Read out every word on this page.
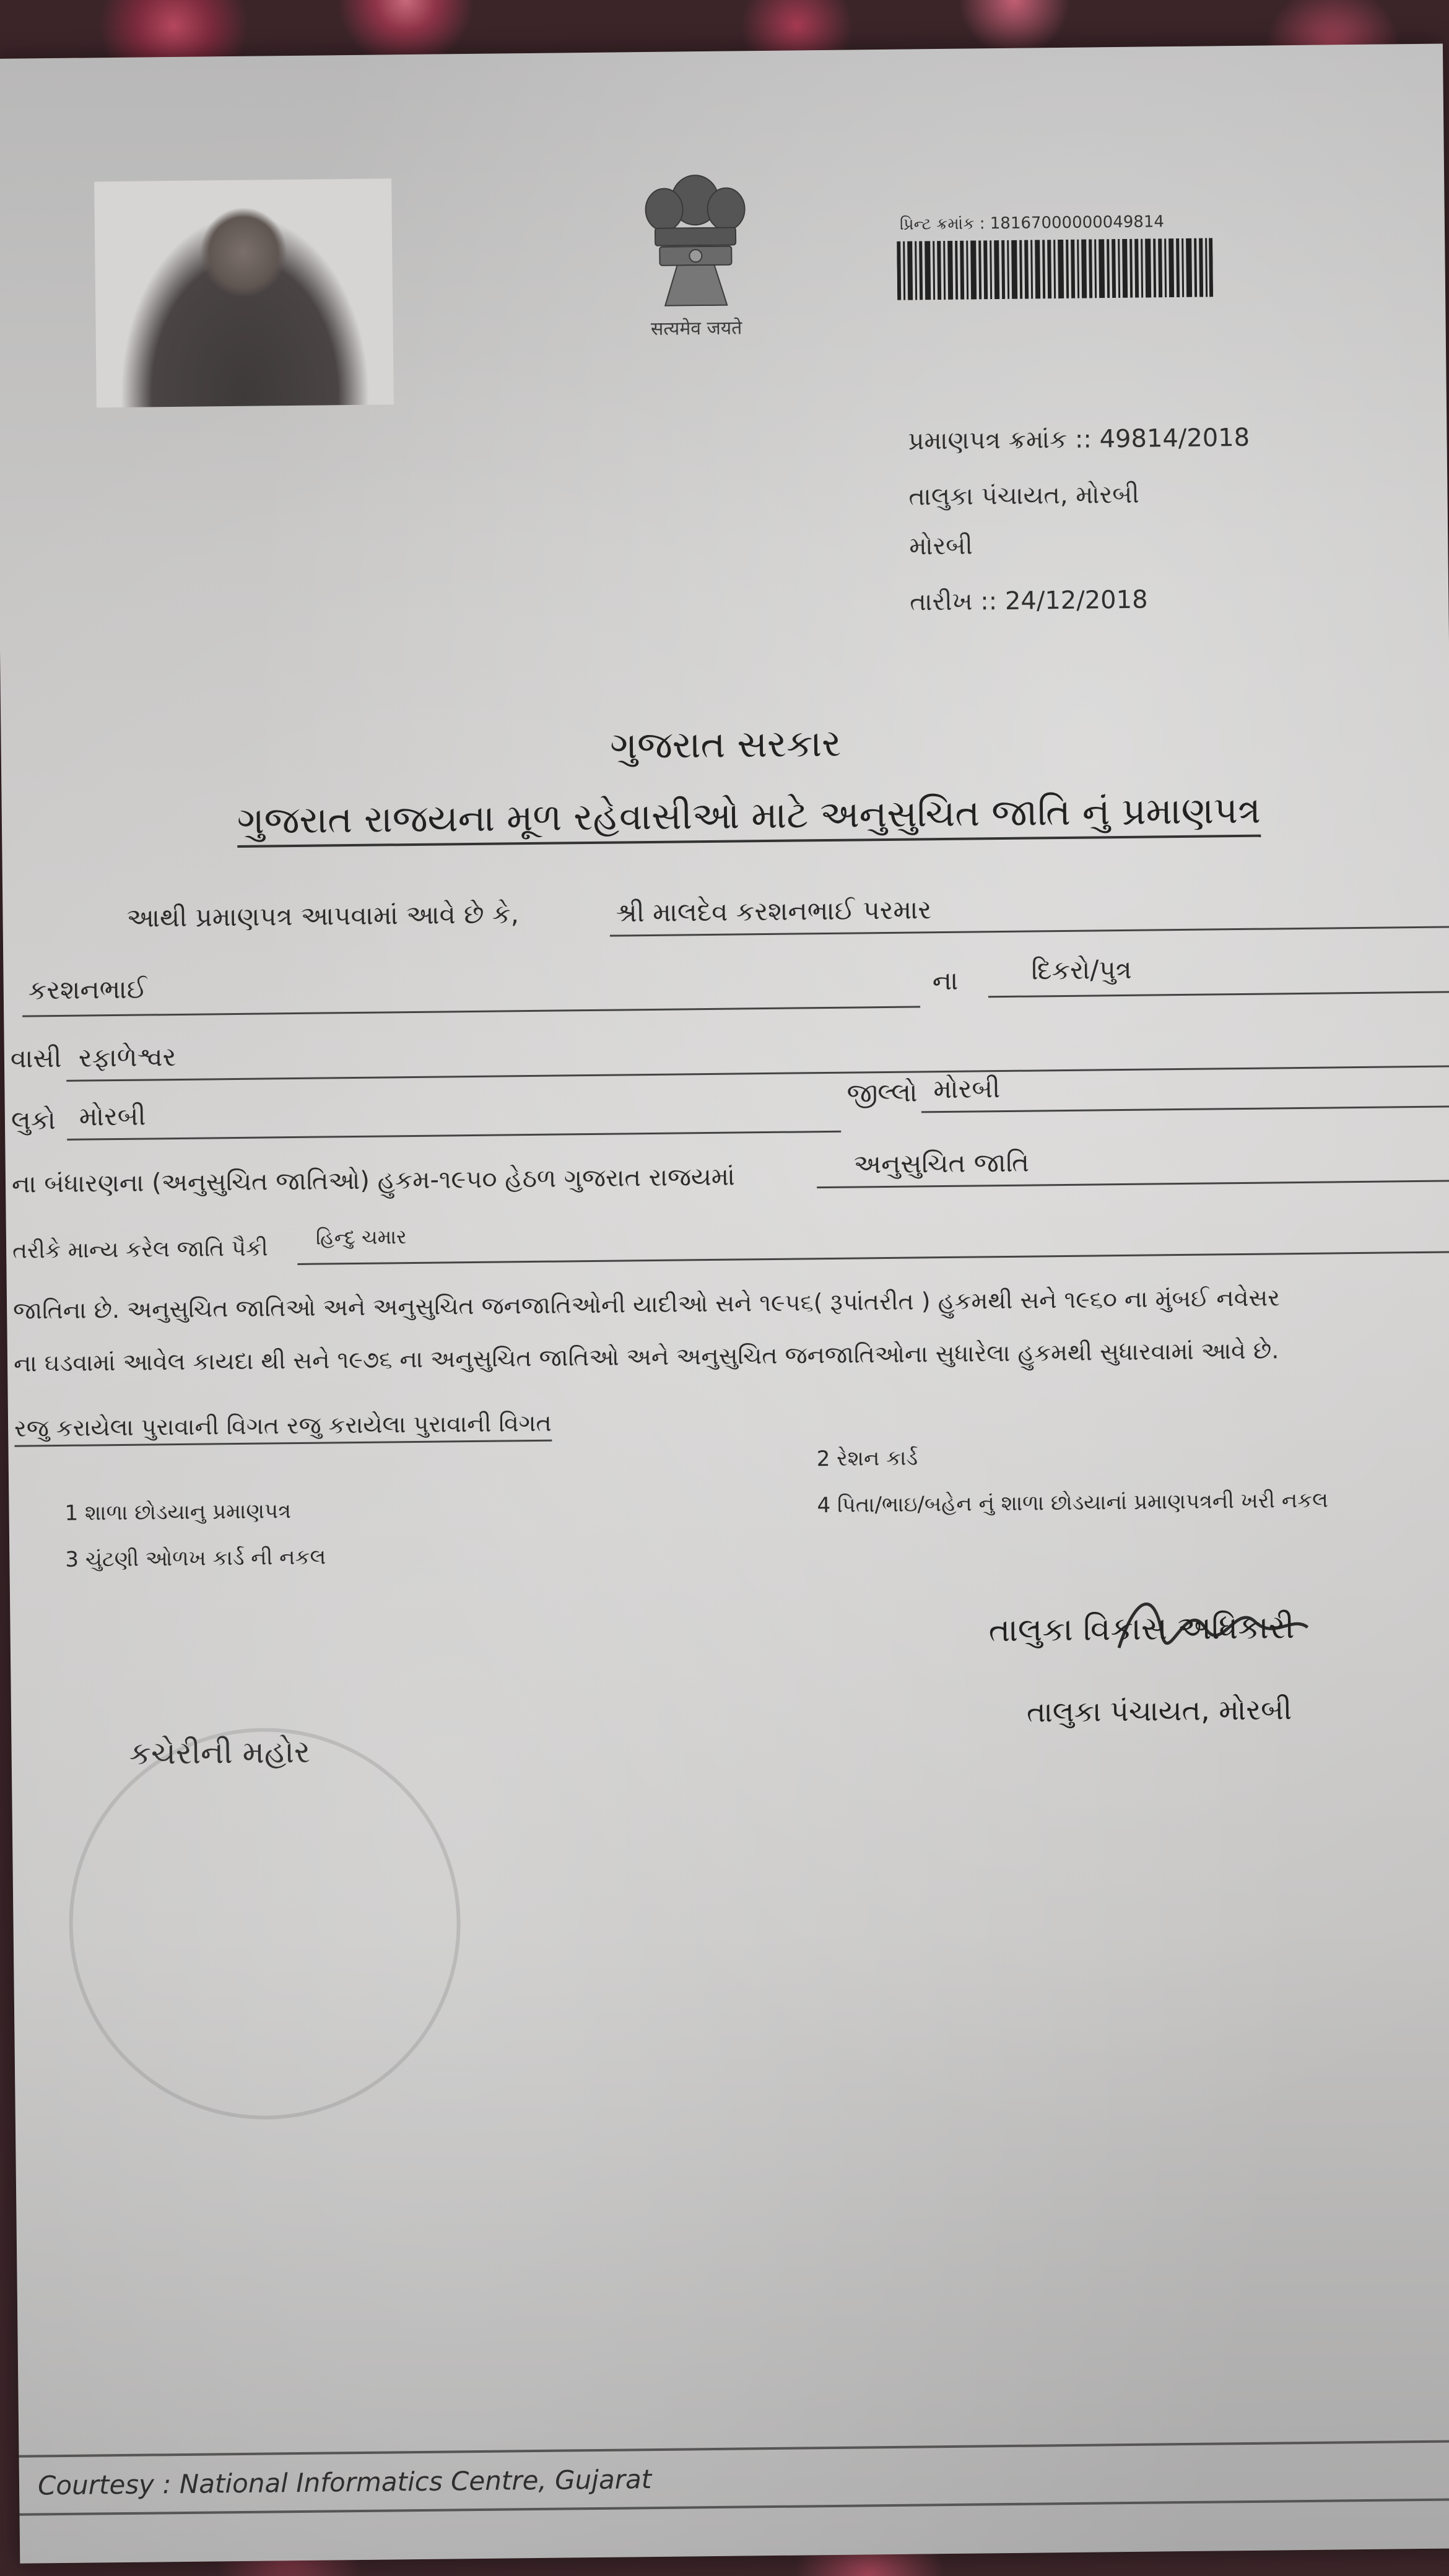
सत्यमेव जयते
પ્રિન્ટ ક્રમાંક : 18167000000049814
પ્રમાણપત્ર ક્રમાંક :: 49814/2018
તાલુકા પંચાયત, મોરબી
મોરબી
તારીખ :: 24/12/2018
ગુજરાત સરકાર
ગુજરાત રાજયના મૂળ રહેવાસીઓ માટે અનુસુચિત જાતિ નું પ્રમાણપત્ર
આથી પ્રમાણપત્ર આપવામાં આવે છે કે,	શ્રી માલદેવ કરશનભાઈ પરમાર
કરશનભાઈ	ના	દિકરો/પુત્ર
વાસી રફાળેશ્વર
લુકો મોરબી
જીલ્લો મોરબી
ના બંધારણના (અનુસુચિત જાતિઓ) હુકમ-૧૯૫૦ હેઠળ ગુજરાત રાજયમાં	અનુસુચિત જાતિ
તરીકે માન્ય કરેલ જાતિ પૈકી હિન્દુ ચમાર
જાતિના છે. અનુસુચિત જાતિઓ અને અનુસુચિત જનજાતિઓની યાદીઓ સને ૧૯૫૬( રૂપાંતરીત ) હુકમથી સને ૧૯૬૦ ના મુંબઈ નવેસર
ના ઘડવામાં આવેલ કાયદા થી સને ૧૯૭૬ ના અનુસુચિત જાતિઓ અને અનુસુચિત જનજાતિઓના સુધારેલા હુકમથી સુધારવામાં આવે છે.
રજુ કરાયેલા પુરાવાની વિગત રજુ કરાયેલા પુરાવાની વિગત
1 શાળા છોડયાનુ પ્રમાણપત્ર
2 રેશન કાર્ડ
3 ચુંટણી ઓળખ કાર્ડ ની નકલ
4 પિતા/ભાઇ/બહેન નું શાળા છોડયાનાં પ્રમાણપત્રની ખરી નકલ
તાલુકા વિકાસ અધિકારી
તાલુકા પંચાયત, મોરબી
કચેરીની મહોર
Courtesy : National Informatics Centre, Gujarat
